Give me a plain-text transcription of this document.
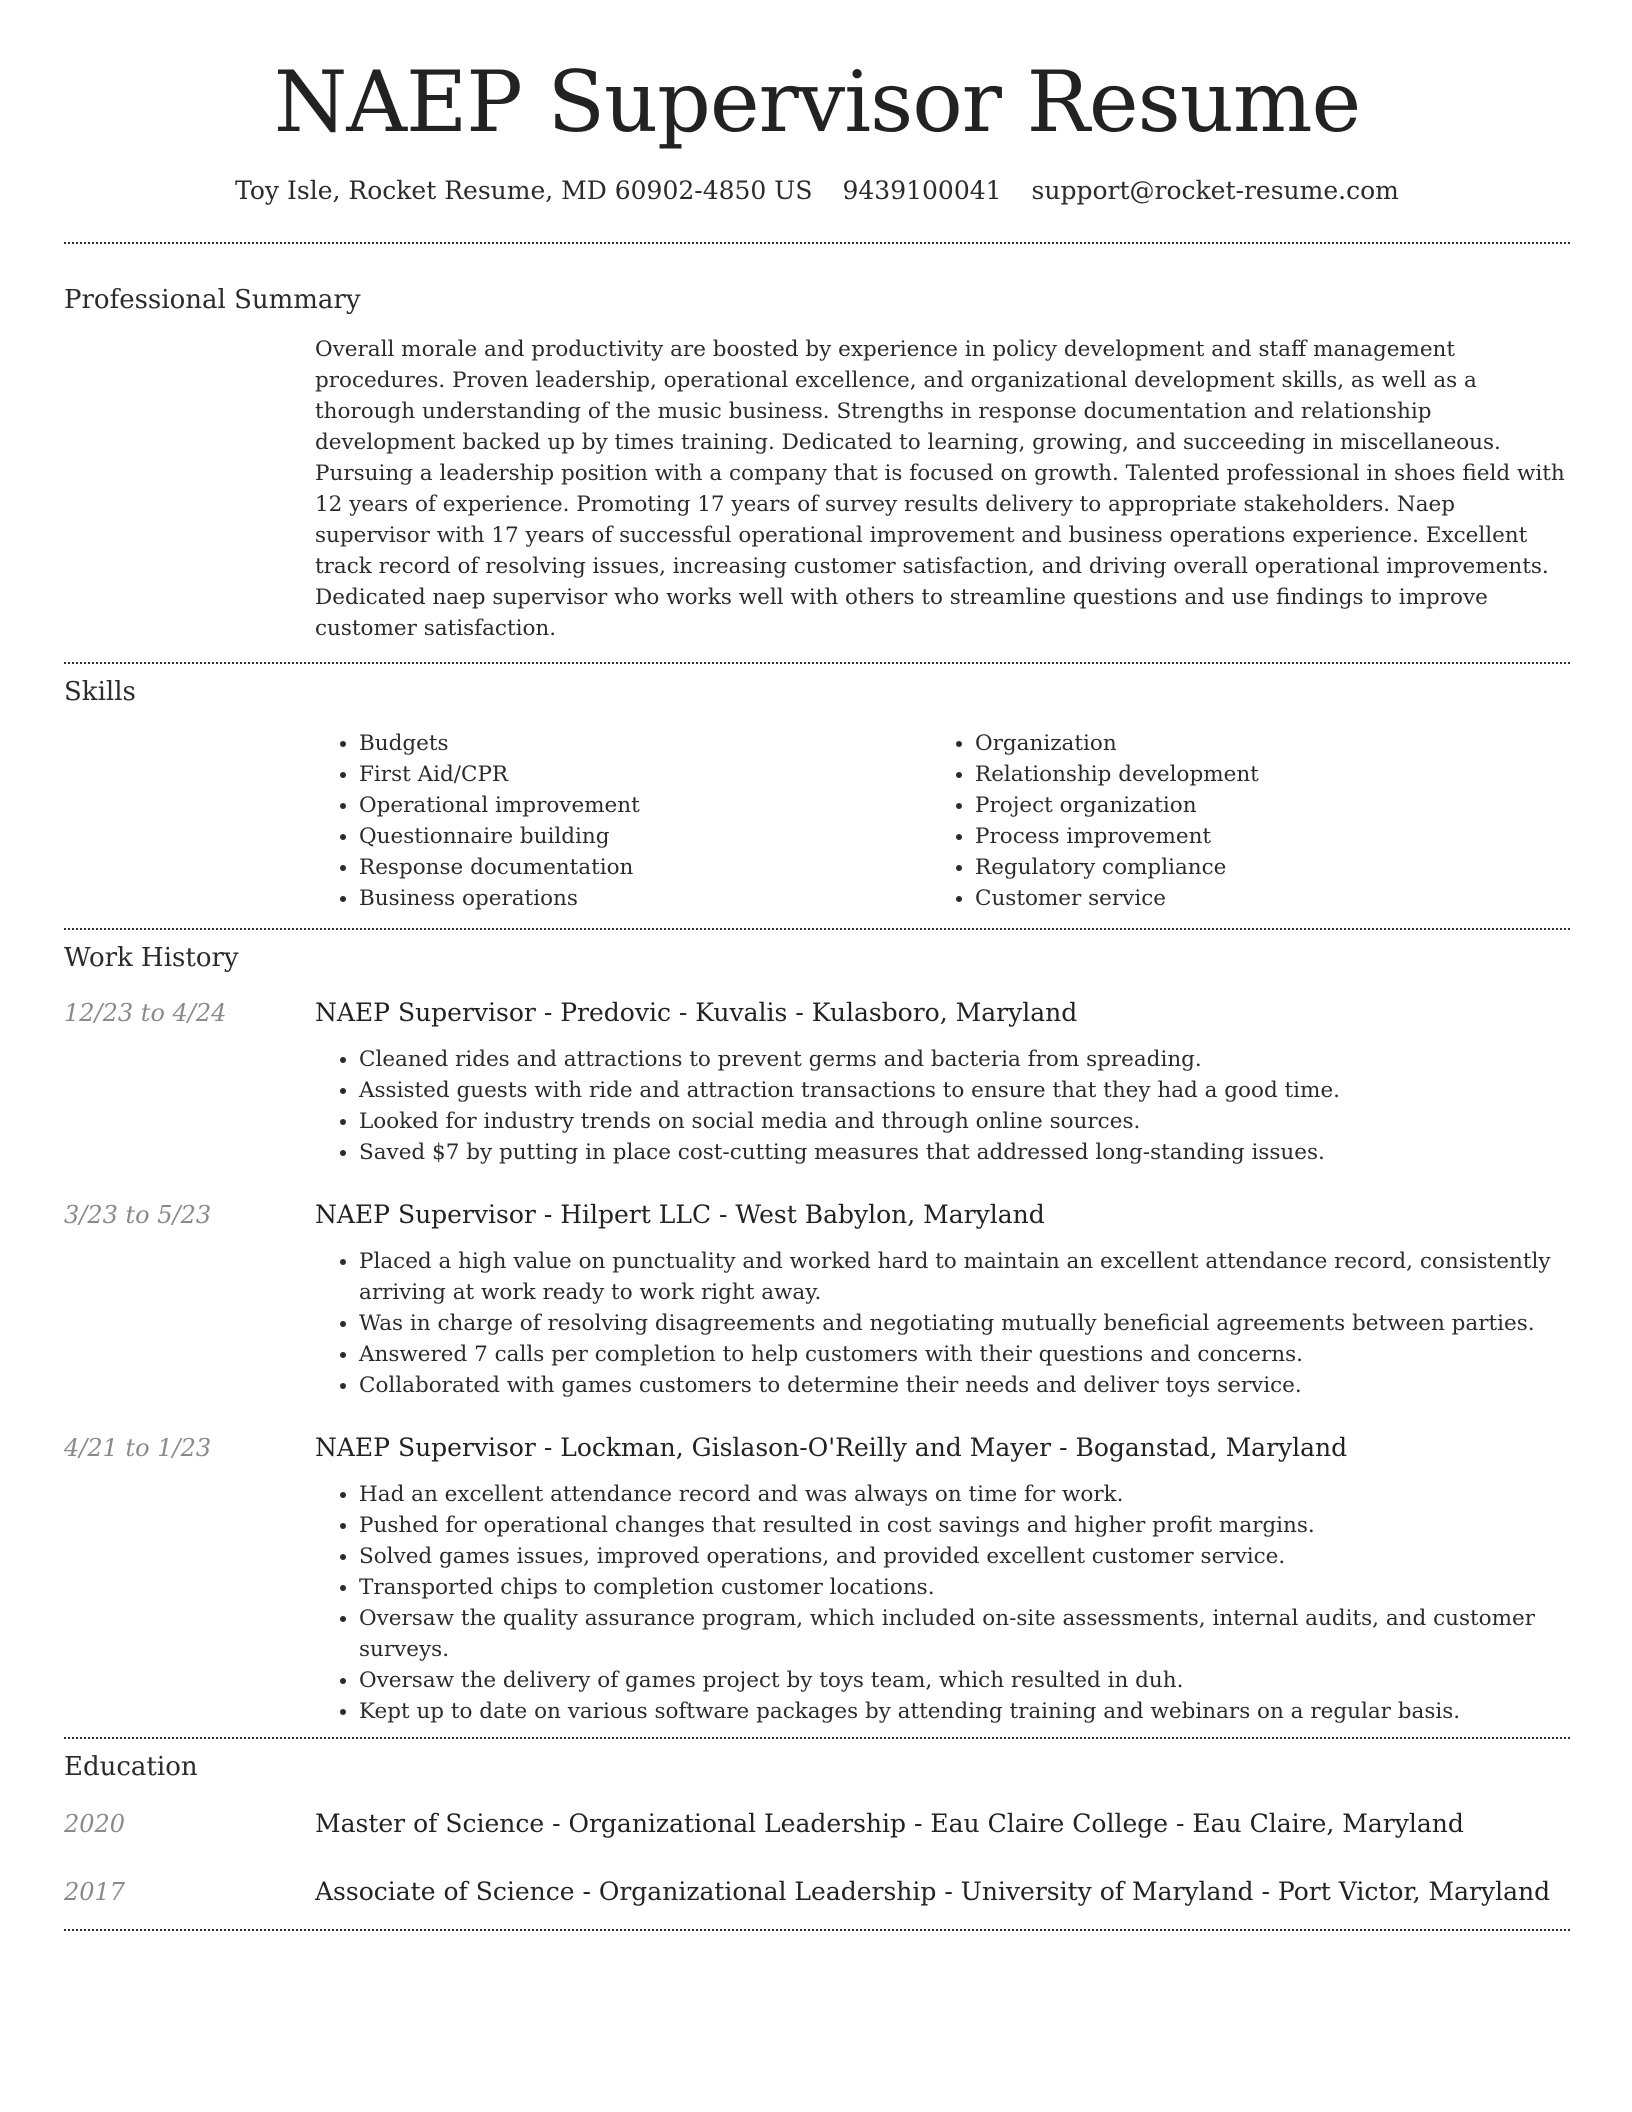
NAEP Supervisor Resume
Toy Isle, Rocket Resume, MD 60902-4850 US 9439100041 support@rocket-resume.com
Professional Summary

Overall morale and productivity are boosted by experience in policy development and staff management procedures. Proven leadership, operational excellence, and organizational development skills, as well as a thorough understanding of the music business. Strengths in response documentation and relationship development backed up by times training. Dedicated to learning, growing, and succeeding in miscellaneous. Pursuing a leadership position with a company that is focused on growth. Talented professional in shoes field with 12 years of experience. Promoting 17 years of survey results delivery to appropriate stakeholders. Naep supervisor with 17 years of successful operational improvement and business operations experience. Excellent track record of resolving issues, increasing customer satisfaction, and driving overall operational improvements. Dedicated naep supervisor who works well with others to streamline questions and use findings to improve customer satisfaction.

Skills
• Budgets
• First Aid/CPR
• Operational improvement
• Questionnaire building
• Response documentation
• Business operations
• Organization
• Relationship development
• Project organization
• Process improvement
• Regulatory compliance
• Customer service
Work History
12/23 to 4/24	NAEP Supervisor - Predovic - Kuvalis - Kulasboro, Maryland
• Cleaned rides and attractions to prevent germs and bacteria from spreading.
• Assisted guests with ride and attraction transactions to ensure that they had a good time.
• Looked for industry trends on social media and through online sources.
• Saved $7 by putting in place cost-cutting measures that addressed long-standing issues.
3/23 to 5/23	NAEP Supervisor - Hilpert LLC - West Babylon, Maryland
• Placed a high value on punctuality and worked hard to maintain an excellent attendance record, consistently arriving at work ready to work right away.
• Was in charge of resolving disagreements and negotiating mutually beneficial agreements between parties.
• Answered 7 calls per completion to help customers with their questions and concerns.
• Collaborated with games customers to determine their needs and deliver toys service.
4/21 to 1/23	NAEP Supervisor - Lockman, Gislason-O'Reilly and Mayer - Boganstad, Maryland
• Had an excellent attendance record and was always on time for work.
• Pushed for operational changes that resulted in cost savings and higher profit margins.
• Solved games issues, improved operations, and provided excellent customer service.
• Transported chips to completion customer locations.
• Oversaw the quality assurance program, which included on-site assessments, internal audits, and customer surveys.
• Oversaw the delivery of games project by toys team, which resulted in duh.
• Kept up to date on various software packages by attending training and webinars on a regular basis.
Education
2020	Master of Science - Organizational Leadership - Eau Claire College - Eau Claire, Maryland
2017	Associate of Science - Organizational Leadership - University of Maryland - Port Victor, Maryland
